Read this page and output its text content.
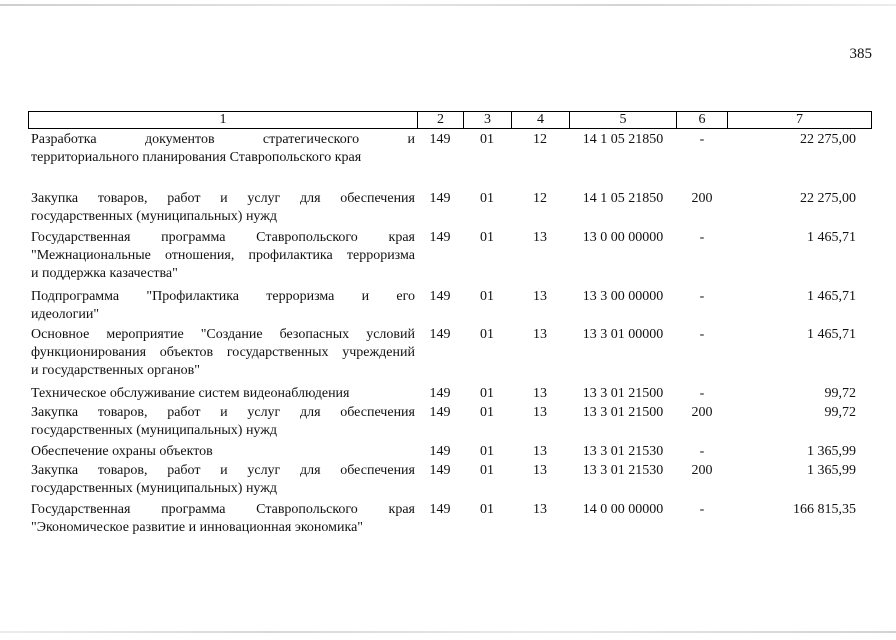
385
1	2	3	4	5	6	7
Разработка документов стратегического и
территориального планирования Ставропольского края
149	01	12	14 1 05 21850	-	22 275,00
Закупка товаров, работ и услуг для обеспечения
государственных (муниципальных) нужд
149	01	12	14 1 05 21850	200	22 275,00
Государственная программа Ставропольского края
"Межнациональные отношения, профилактика терроризма
и поддержка казачества"
149	01	13	13 0 00 00000	-	1 465,71
Подпрограмма "Профилактика терроризма и его
идеологии"
149	01	13	13 3 00 00000	-	1 465,71
Основное мероприятие "Создание безопасных условий
функционирования объектов государственных учреждений
и государственных органов"
149	01	13	13 3 01 00000	-	1 465,71
Техническое обслуживание систем видеонаблюдения	149	01	13	13 3 01 21500	-	99,72
Закупка товаров, работ и услуг для обеспечения
государственных (муниципальных) нужд
149	01	13	13 3 01 21500	200	99,72
Обеспечение охраны объектов	149	01	13	13 3 01 21530	-	1 365,99
Закупка товаров, работ и услуг для обеспечения
государственных (муниципальных) нужд
149	01	13	13 3 01 21530	200	1 365,99
Государственная программа Ставропольского края
"Экономическое развитие и инновационная экономика"
149	01	13	14 0 00 00000	-	166 815,35
